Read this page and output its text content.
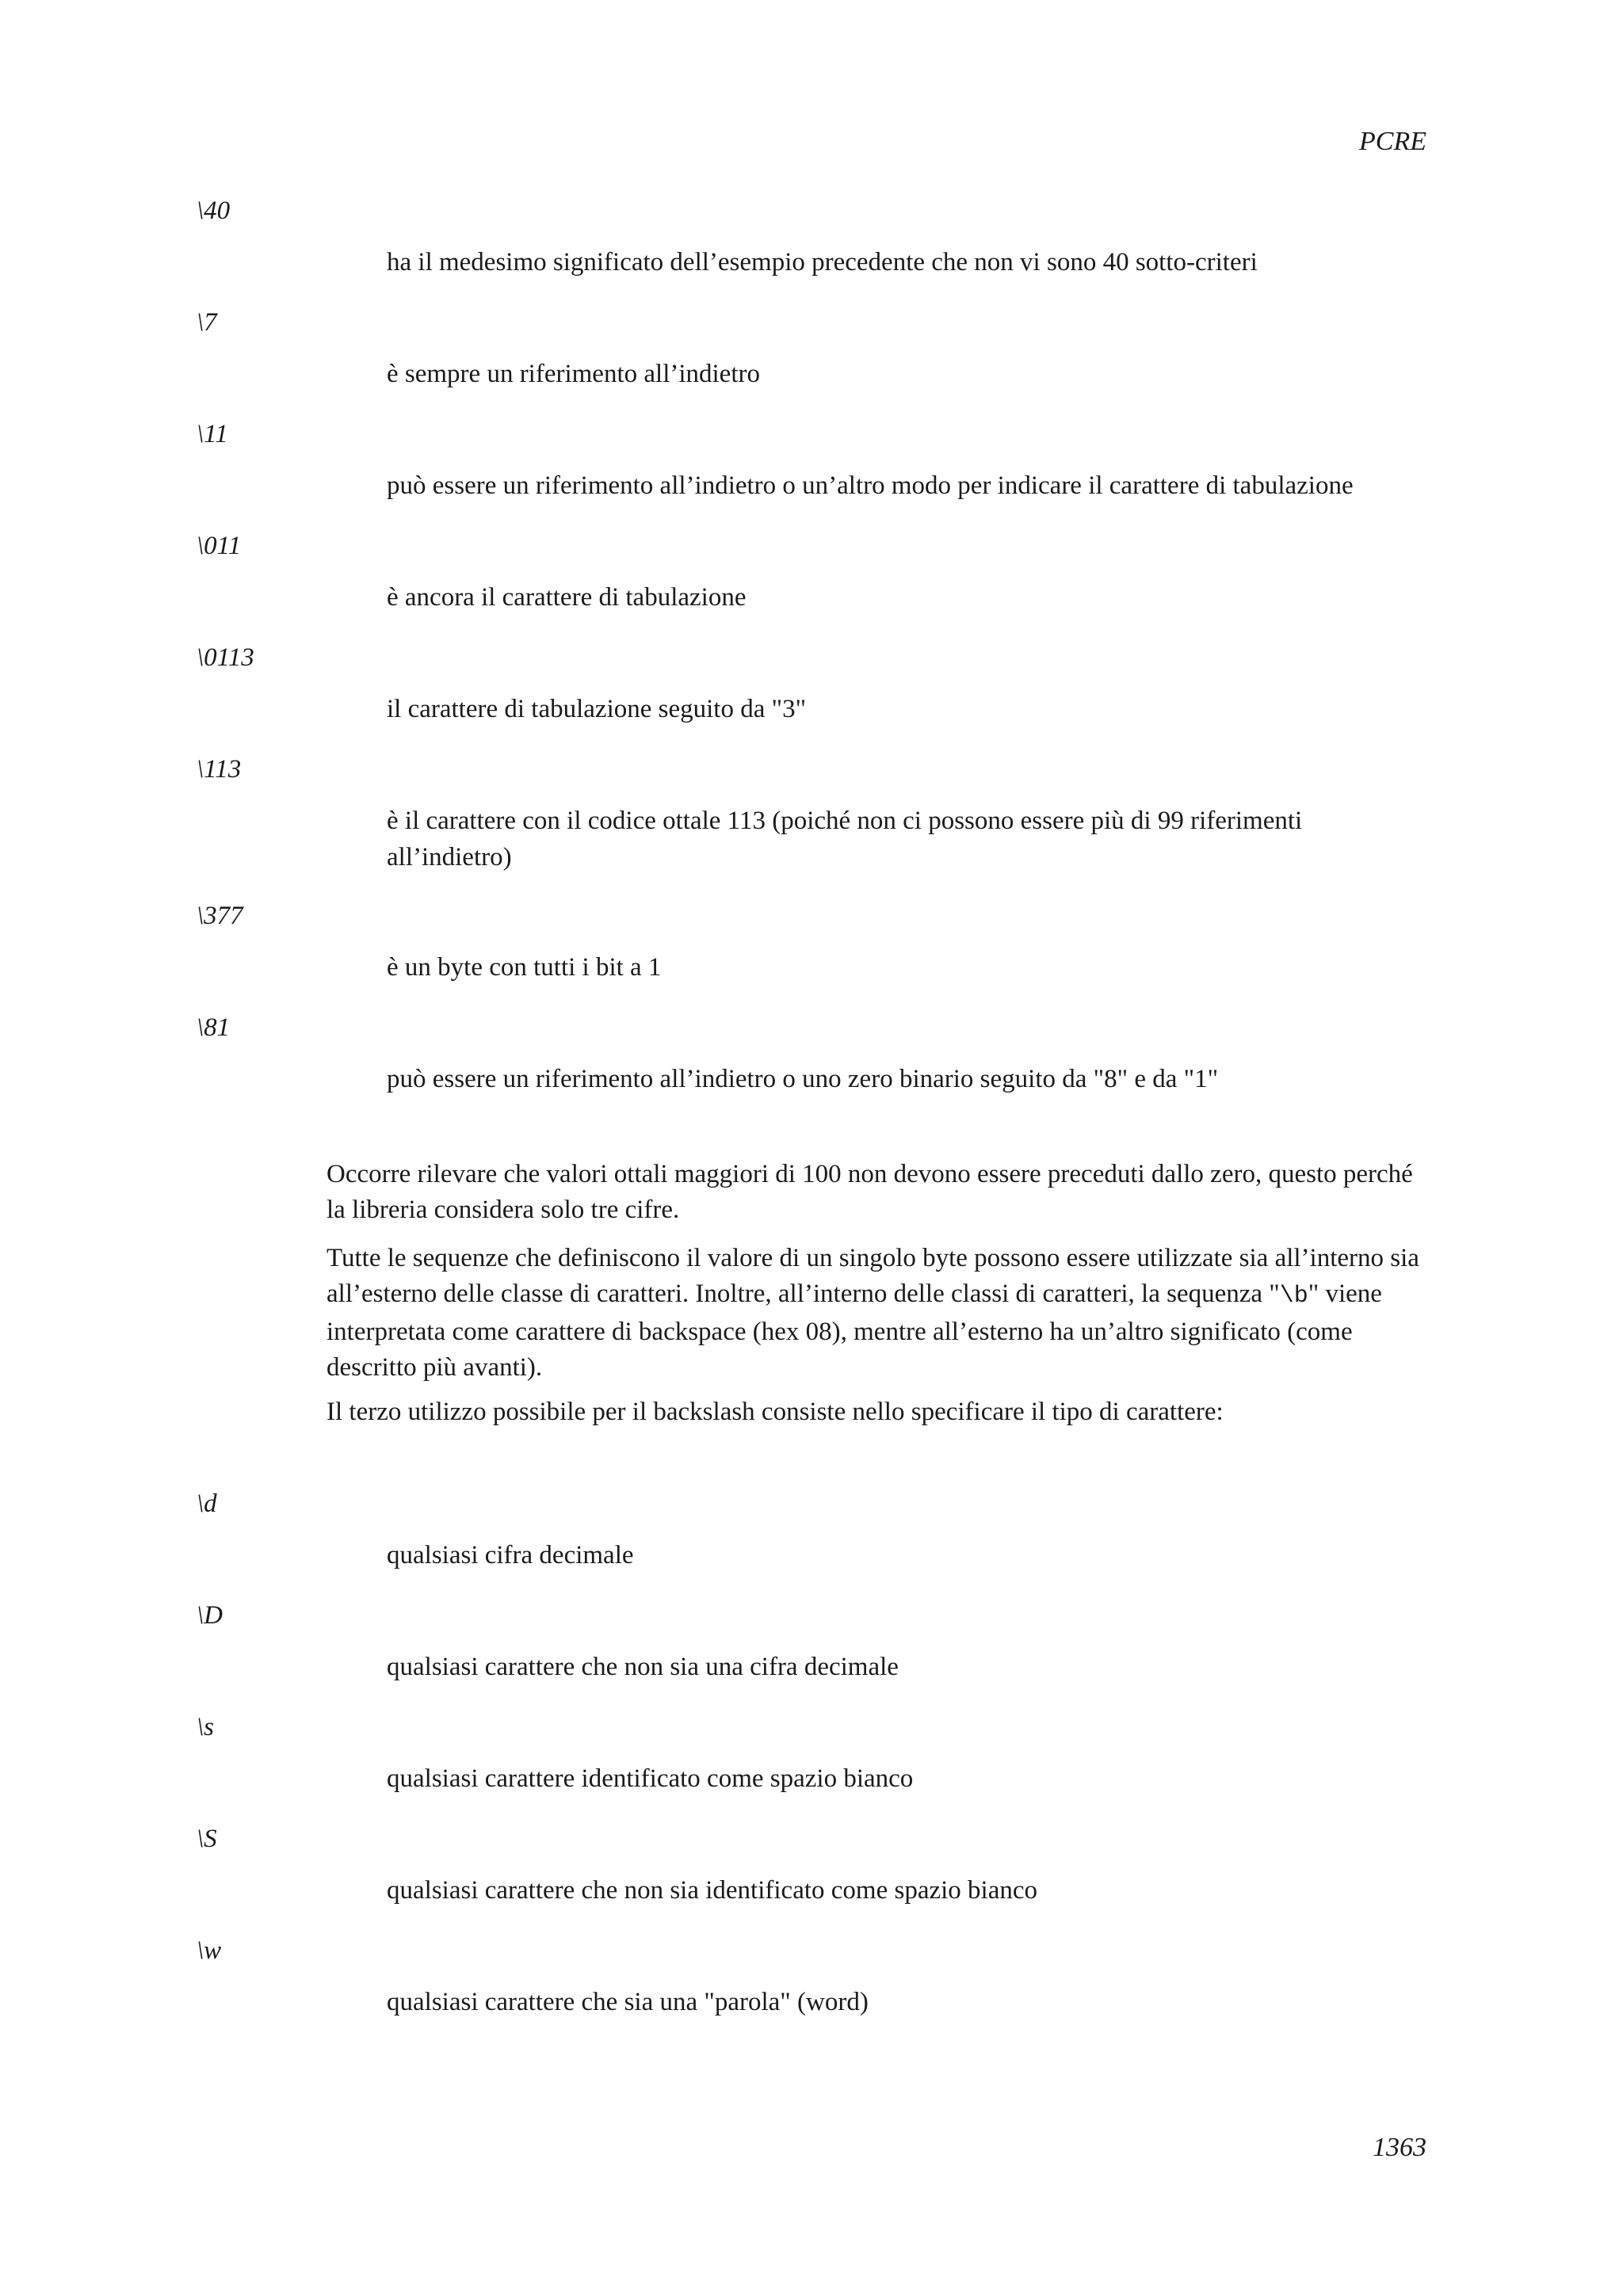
PCRE
\40
ha il medesimo significato dell’esempio precedente che non vi sono 40 sotto-criteri
\7
è sempre un riferimento all’indietro
\11
può essere un riferimento all’indietro o un’altro modo per indicare il carattere di tabulazione
\011
è ancora il carattere di tabulazione
\0113
il carattere di tabulazione seguito da "3"
\113
è il carattere con il codice ottale 113 (poiché non ci possono essere più di 99 riferimenti all’indietro)
\377
è un byte con tutti i bit a 1
\81
può essere un riferimento all’indietro o uno zero binario seguito da "8" e da "1"
Occorre rilevare che valori ottali maggiori di 100 non devono essere preceduti dallo zero, questo perché la libreria considera solo tre cifre.
Tutte le sequenze che definiscono il valore di un singolo byte possono essere utilizzate sia all’interno sia all’esterno delle classe di caratteri. Inoltre, all’interno delle classi di caratteri, la sequenza "\b" viene interpretata come carattere di backspace (hex 08), mentre all’esterno ha un’altro significato (come descritto più avanti).
Il terzo utilizzo possibile per il backslash consiste nello specificare il tipo di carattere:
\d
qualsiasi cifra decimale
\D
qualsiasi carattere che non sia una cifra decimale
\s
qualsiasi carattere identificato come spazio bianco
\S
qualsiasi carattere che non sia identificato come spazio bianco
\w
qualsiasi carattere che sia una "parola" (word)
1363
